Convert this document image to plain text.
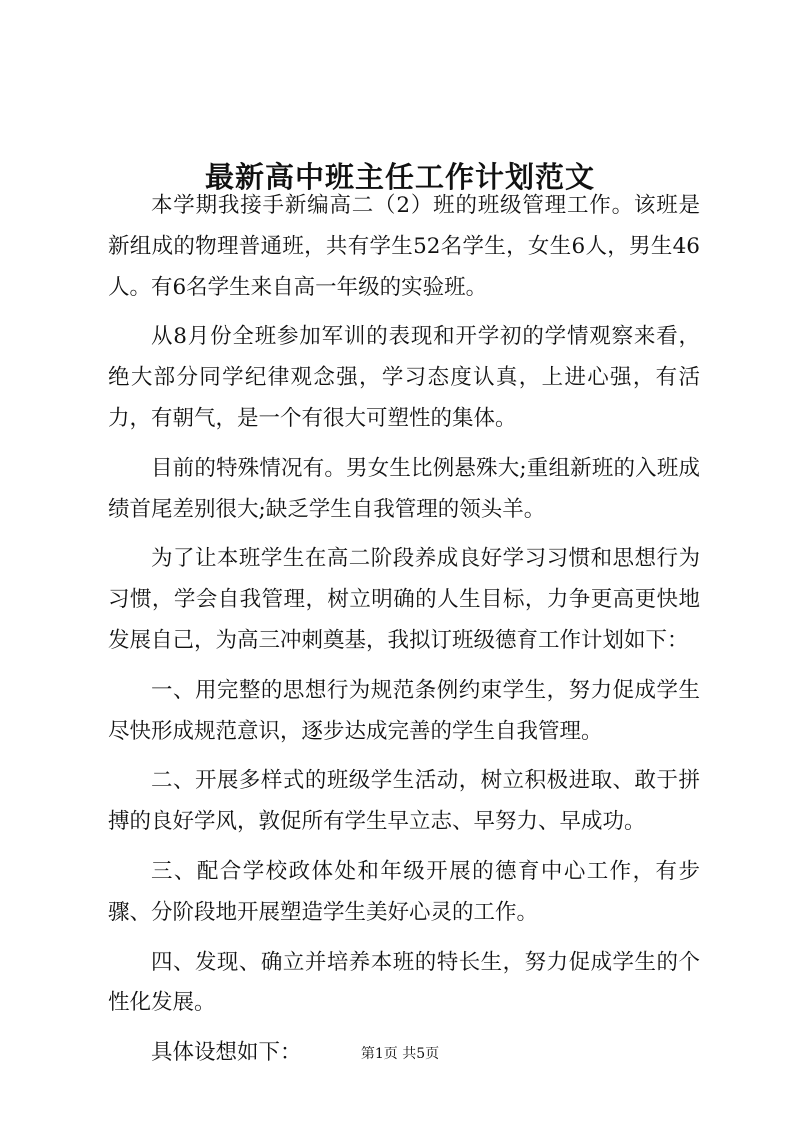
最新高中班主任工作计划范文

本学期我接手新编高二（2）班的班级管理工作。该班是新组成的物理普通班，共有学生52名学生，女生6人，男生46人。有6名学生来自高一年级的实验班。

从8月份全班参加军训的表现和开学初的学情观察来看，绝大部分同学纪律观念强，学习态度认真，上进心强，有活力，有朝气，是一个有很大可塑性的集体。

目前的特殊情况有。男女生比例悬殊大;重组新班的入班成绩首尾差别很大;缺乏学生自我管理的领头羊。

为了让本班学生在高二阶段养成良好学习习惯和思想行为习惯，学会自我管理，树立明确的人生目标，力争更高更快地发展自己，为高三冲刺奠基，我拟订班级德育工作计划如下：

一、用完整的思想行为规范条例约束学生，努力促成学生尽快形成规范意识，逐步达成完善的学生自我管理。

二、开展多样式的班级学生活动，树立积极进取、敢于拼搏的良好学风，敦促所有学生早立志、早努力、早成功。

三、配合学校政体处和年级开展的德育中心工作，有步骤、分阶段地开展塑造学生美好心灵的工作。

四、发现、确立并培养本班的特长生，努力促成学生的个性化发展。

具体设想如下：	第1页 共5页
